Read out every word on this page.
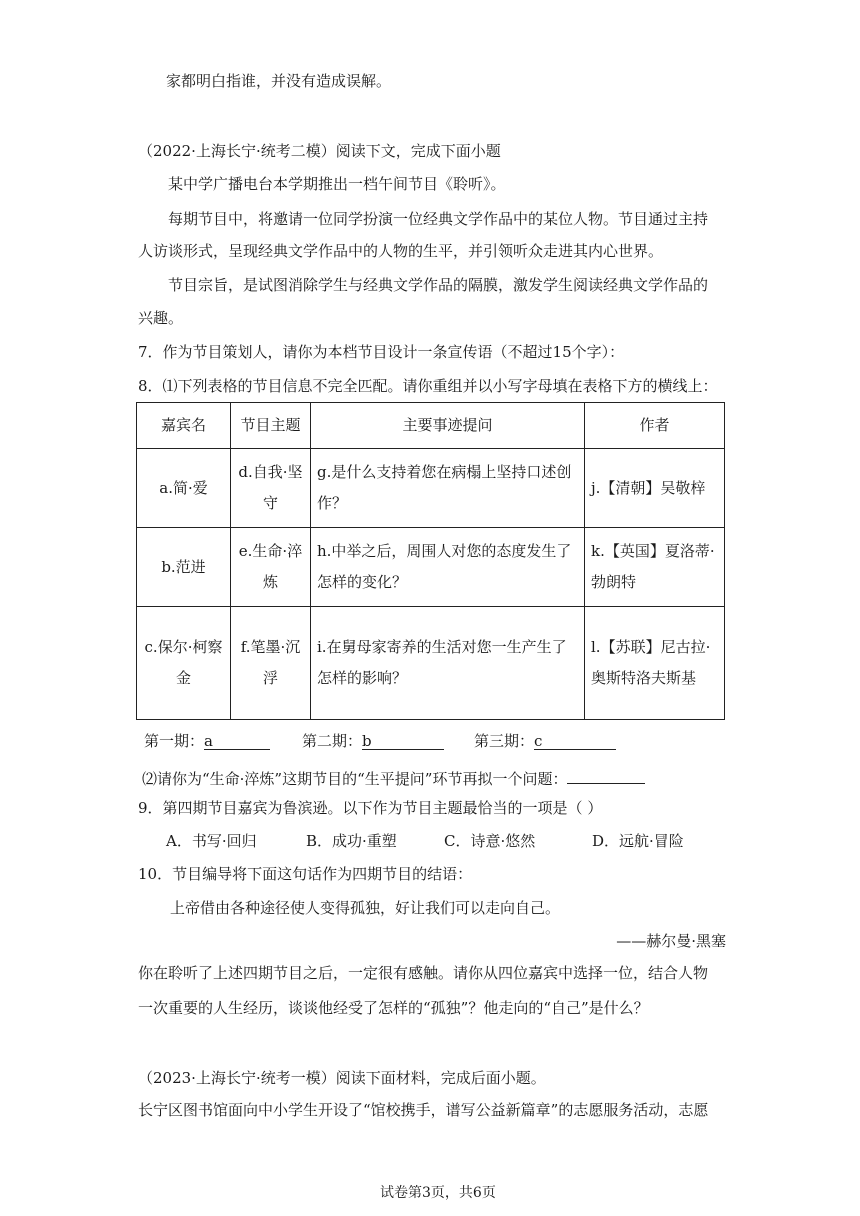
家都明白指谁，并没有造成误解。
（2022·上海长宁·统考二模）阅读下文，完成下面小题
某中学广播电台本学期推出一档午间节目《聆听》。
每期节目中，将邀请一位同学扮演一位经典文学作品中的某位人物。节目通过主持
人访谈形式，呈现经典文学作品中的人物的生平，并引领听众走进其内心世界。
节目宗旨，是试图消除学生与经典文学作品的隔膜，激发学生阅读经典文学作品的
兴趣。
7．作为节目策划人，请你为本档节目设计一条宣传语（不超过15个字）：
8．⑴下列表格的节目信息不完全匹配。请你重组并以小写字母填在表格下方的横线上：
嘉宾名	节目主题	主要事迹提问	作者
a.简·爱	d.自我·坚守	g.是什么支持着您在病榻上坚持口述创作？	j.【清朝】吴敬梓
b.范进	e.生命·淬炼	h.中举之后，周围人对您的态度发生了怎样的变化？	k.【英国】夏洛蒂·勃朗特
c.保尔·柯察金	f.笔墨·沉浮	i.在舅母家寄养的生活对您一生产生了怎样的影响？	l.【苏联】尼古拉·奥斯特洛夫斯基
第一期：a	第二期：b	第三期：c
⑵请你为“生命·淬炼”这期节目的“生平提问”环节再拟一个问题：
9．第四期节目嘉宾为鲁滨逊。以下作为节目主题最恰当的一项是（ ）
A．书写·回归	B．成功·重塑	C．诗意·悠然	D．远航·冒险
10．节目编导将下面这句话作为四期节目的结语：
上帝借由各种途径使人变得孤独，好让我们可以走向自己。
——赫尔曼·黑塞
你在聆听了上述四期节目之后，一定很有感触。请你从四位嘉宾中选择一位，结合人物
一次重要的人生经历，谈谈他经受了怎样的“孤独”？他走向的“自己”是什么？
（2023·上海长宁·统考一模）阅读下面材料，完成后面小题。
长宁区图书馆面向中小学生开设了“馆校携手，谱写公益新篇章”的志愿服务活动，志愿
试卷第3页，共6页
